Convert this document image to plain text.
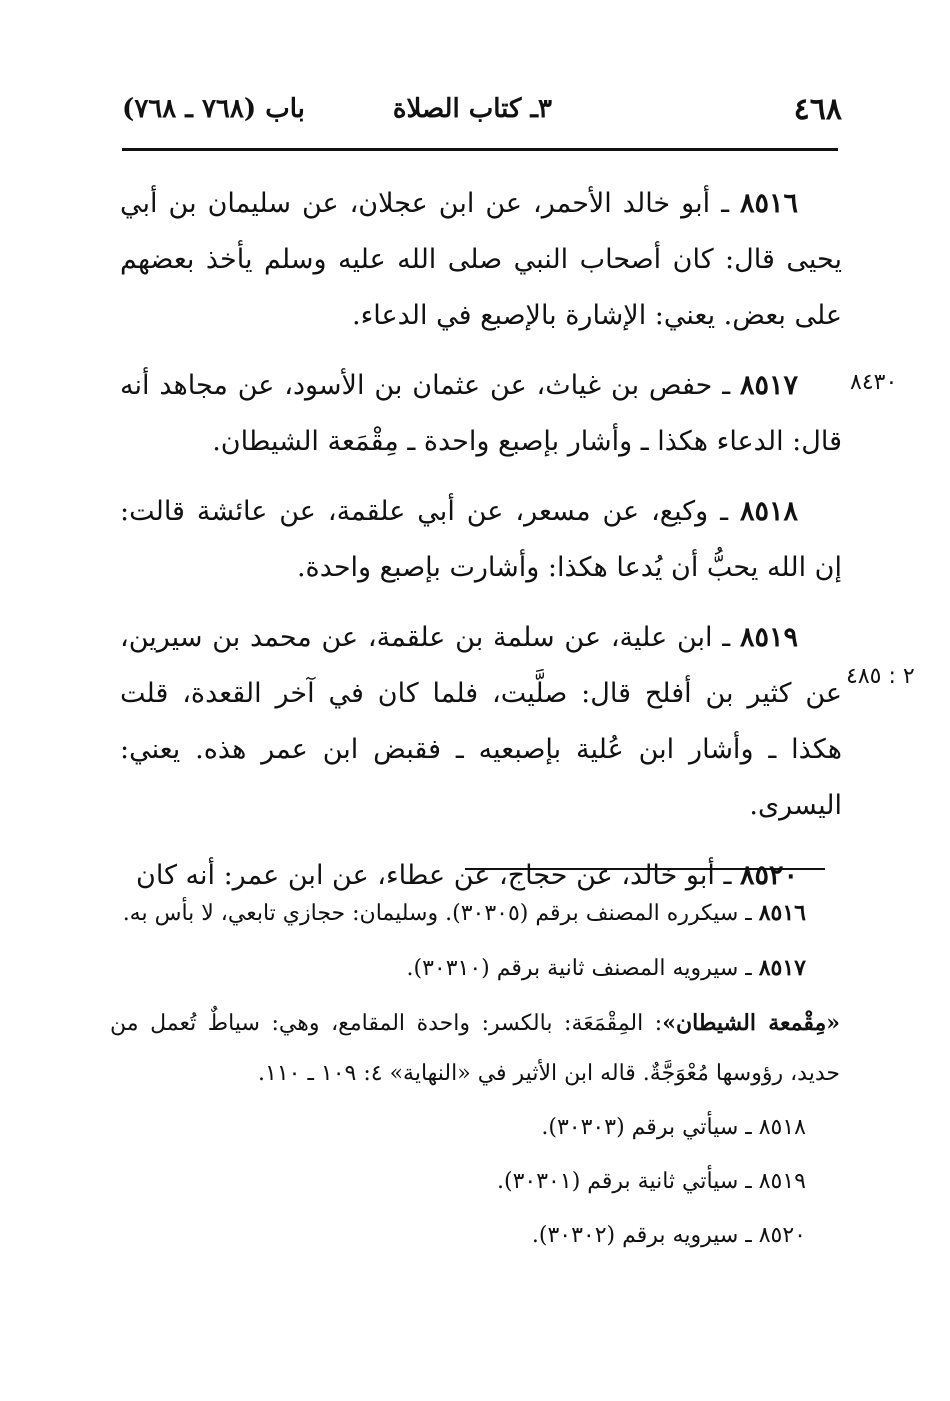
٤٦٨
٣ـ كتاب الصلاة
باب (٧٦٨ ـ ٧٦٨)
٨٤٣٠
٢ : ٤٨٥

٨٥١٦ ـ أبو خالد الأحمر، عن ابن عجلان، عن سليمان بن أبي يحيى قال: كان أصحاب النبي صلى الله عليه وسلم يأخذ بعضهم على بعض. يعني: الإشارة بالإصبع في الدعاء.

٨٥١٧ ـ حفص بن غياث، عن عثمان بن الأسود، عن مجاهد أنه قال: الدعاء هكذا ـ وأشار بإصبع واحدة ـ مِقْمَعة الشيطان.

٨٥١٨ ـ وكيع، عن مسعر، عن أبي علقمة، عن عائشة قالت: إن الله يحبُّ أن يُدعا هكذا: وأشارت بإصبع واحدة.

٨٥١٩ ـ ابن علية، عن سلمة بن علقمة، عن محمد بن سيرين، عن كثير بن أفلح قال: صلَّيت، فلما كان في آخر القعدة، قلت هكذا ـ وأشار ابن عُلية بإصبعيه ـ فقبض ابن عمر هذه. يعني: اليسرى.

٨٥٢٠ ـ أبو خالد، عن حجاج، عن عطاء، عن ابن عمر: أنه كان

٨٥١٦ ـ سيكرره المصنف برقم (٣٠٣٠٥). وسليمان: حجازي تابعي، لا بأس به.

٨٥١٧ ـ سيرويه المصنف ثانية برقم (٣٠٣١٠).

«مِقْمعة الشيطان»: المِقْمَعَة: بالكسر: واحدة المقامع، وهي: سياطٌ تُعمل من حديد، رؤوسها مُعْوَجَّةٌ. قاله ابن الأثير في «النهاية» ٤: ١٠٩ ـ ١١٠.

٨٥١٨ ـ سيأتي برقم (٣٠٣٠٣).

٨٥١٩ ـ سيأتي ثانية برقم (٣٠٣٠١).

٨٥٢٠ ـ سيرويه برقم (٣٠٣٠٢).
